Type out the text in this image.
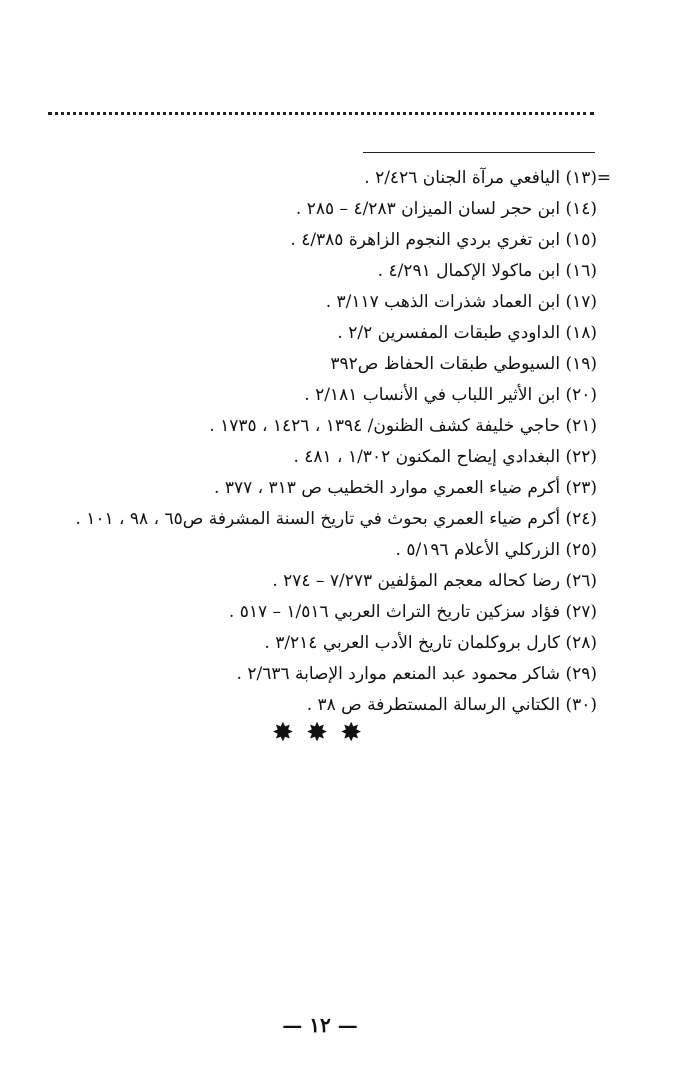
=
(١٣) اليافعي مرآة الجنان ٢/٤٢٦ .
(١٤) ابن حجر لسان الميزان ٤/٢٨٣ – ٢٨٥ .
(١٥) ابن تغري بردي النجوم الزاهرة ٤/٣٨٥ .
(١٦) ابن ماكولا الإكمال ٤/٢٩١ .
(١٧) ابن العماد شذرات الذهب ٣/١١٧ .
(١٨) الداودي طبقات المفسرين ٢/٢ .
(١٩) السيوطي طبقات الحفاظ ص٣٩٢
(٢٠) ابن الأثير اللباب في الأنساب ٢/١٨١ .
(٢١) حاجي خليفة كشف الظنون/ ١٣٩٤ ، ١٤٢٦ ، ١٧٣٥ .
(٢٢) البغدادي إيضاح المكنون ١/٣٠٢ ، ٤٨١ .
(٢٣) أكرم ضياء العمري موارد الخطيب ص ٣١٣ ، ٣٧٧ .
(٢٤) أكرم ضياء العمري بحوث في تاريخ السنة المشرفة ص٦٥ ، ٩٨ ، ١٠١ .
(٢٥) الزركلي الأعلام ٥/١٩٦ .
(٢٦) رضا كحاله معجم المؤلفين ٧/٢٧٣ – ٢٧٤ .
(٢٧) فؤاد سزكين تاريخ التراث العربي ١/٥١٦ – ٥١٧ .
(٢٨) كارل بروكلمان تاريخ الأدب العربي ٣/٢١٤ .
(٢٩) شاكر محمود عبد المنعم موارد الإصابة ٢/٦٣٦ .
(٣٠) الكتاني الرسالة المستطرفة ص ٣٨ .
✸ ✸ ✸
— ١٢ —
